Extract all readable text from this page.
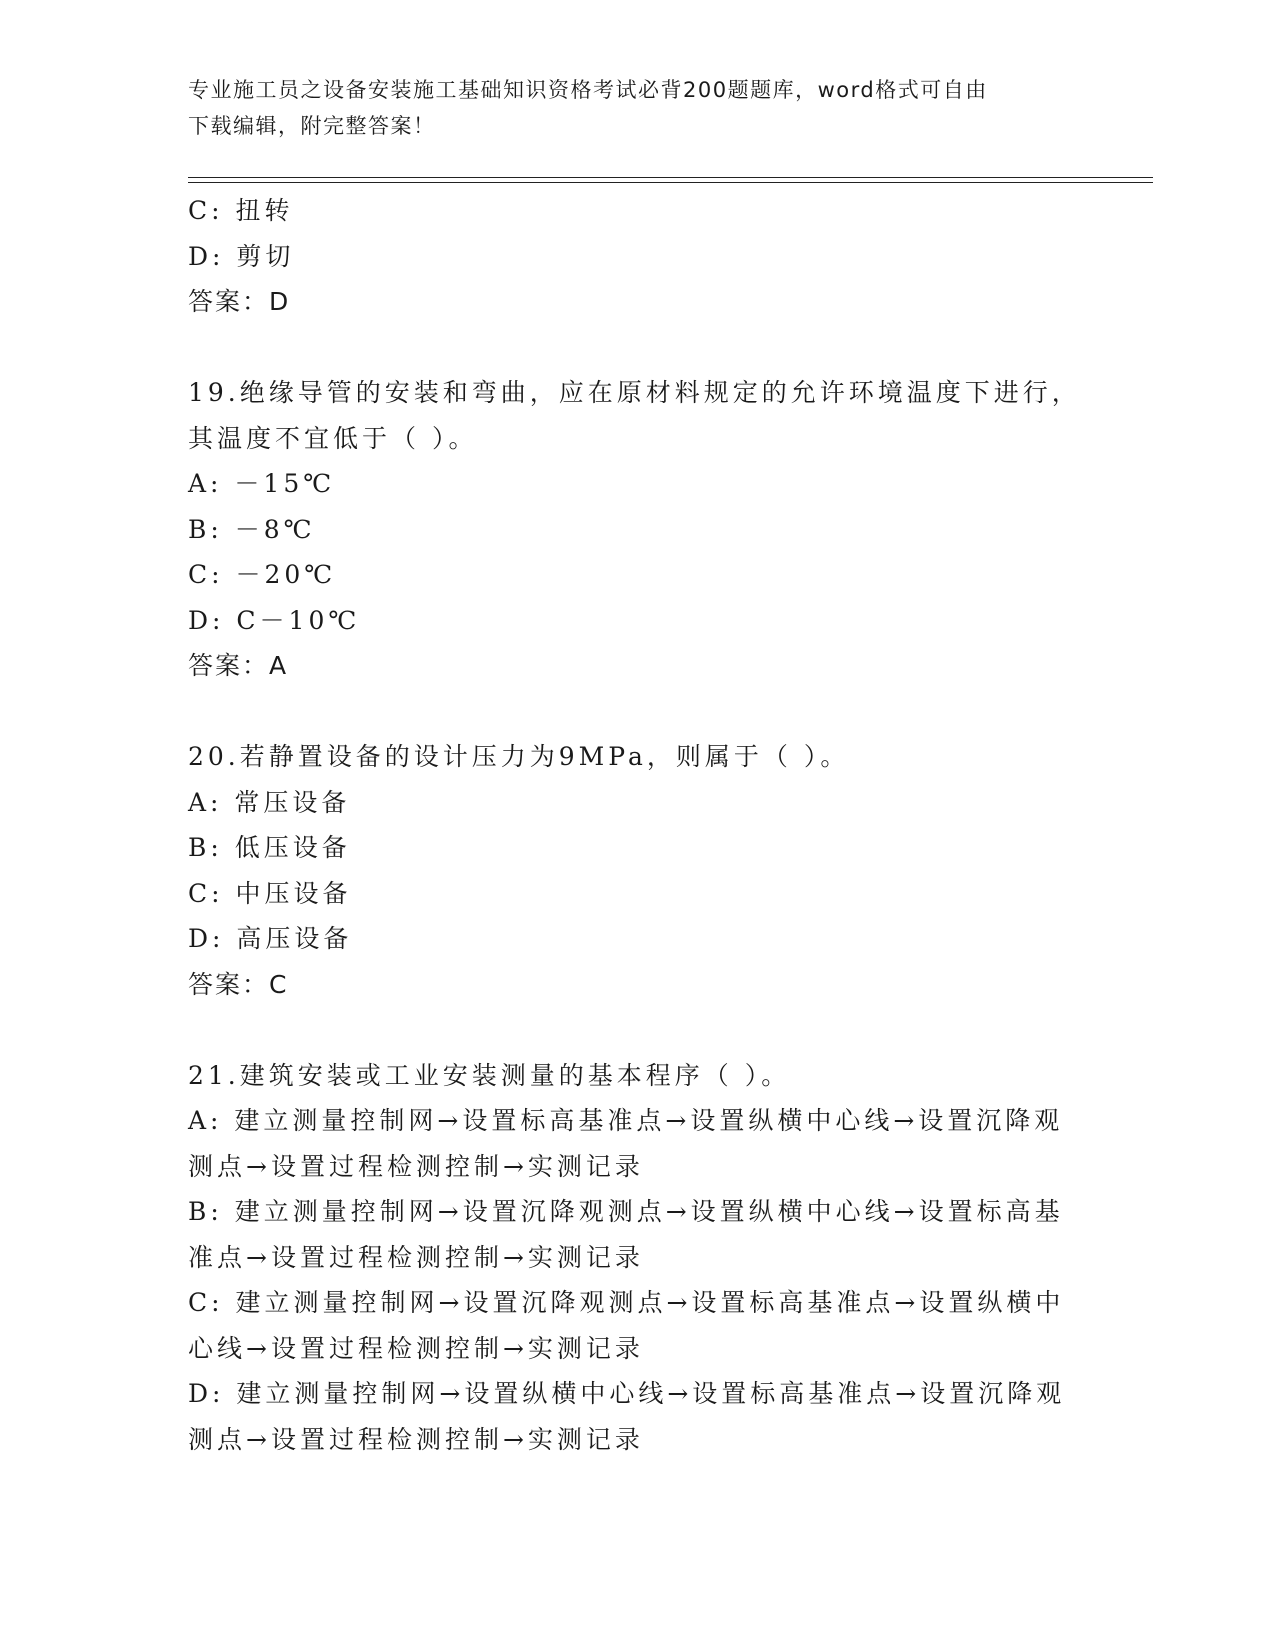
专业施工员之设备安装施工基础知识资格考试必背200题题库，word格式可自由
下载编辑，附完整答案！
C: 扭转
D: 剪切
答案：D
19.绝缘导管的安装和弯曲，应在原材料规定的允许环境温度下进行，
其温度不宜低于（ ）。
A: －15℃
B: －8℃
C: －20℃
D: C－10℃
答案：A
20.若静置设备的设计压力为9MPa，则属于（ ）。
A: 常压设备
B: 低压设备
C: 中压设备
D: 高压设备
答案：C
21.建筑安装或工业安装测量的基本程序（ ）。
A: 建立测量控制网→设置标高基准点→设置纵横中心线→设置沉降观
测点→设置过程检测控制→实测记录
B: 建立测量控制网→设置沉降观测点→设置纵横中心线→设置标高基
准点→设置过程检测控制→实测记录
C: 建立测量控制网→设置沉降观测点→设置标高基准点→设置纵横中
心线→设置过程检测控制→实测记录
D: 建立测量控制网→设置纵横中心线→设置标高基准点→设置沉降观
测点→设置过程检测控制→实测记录
